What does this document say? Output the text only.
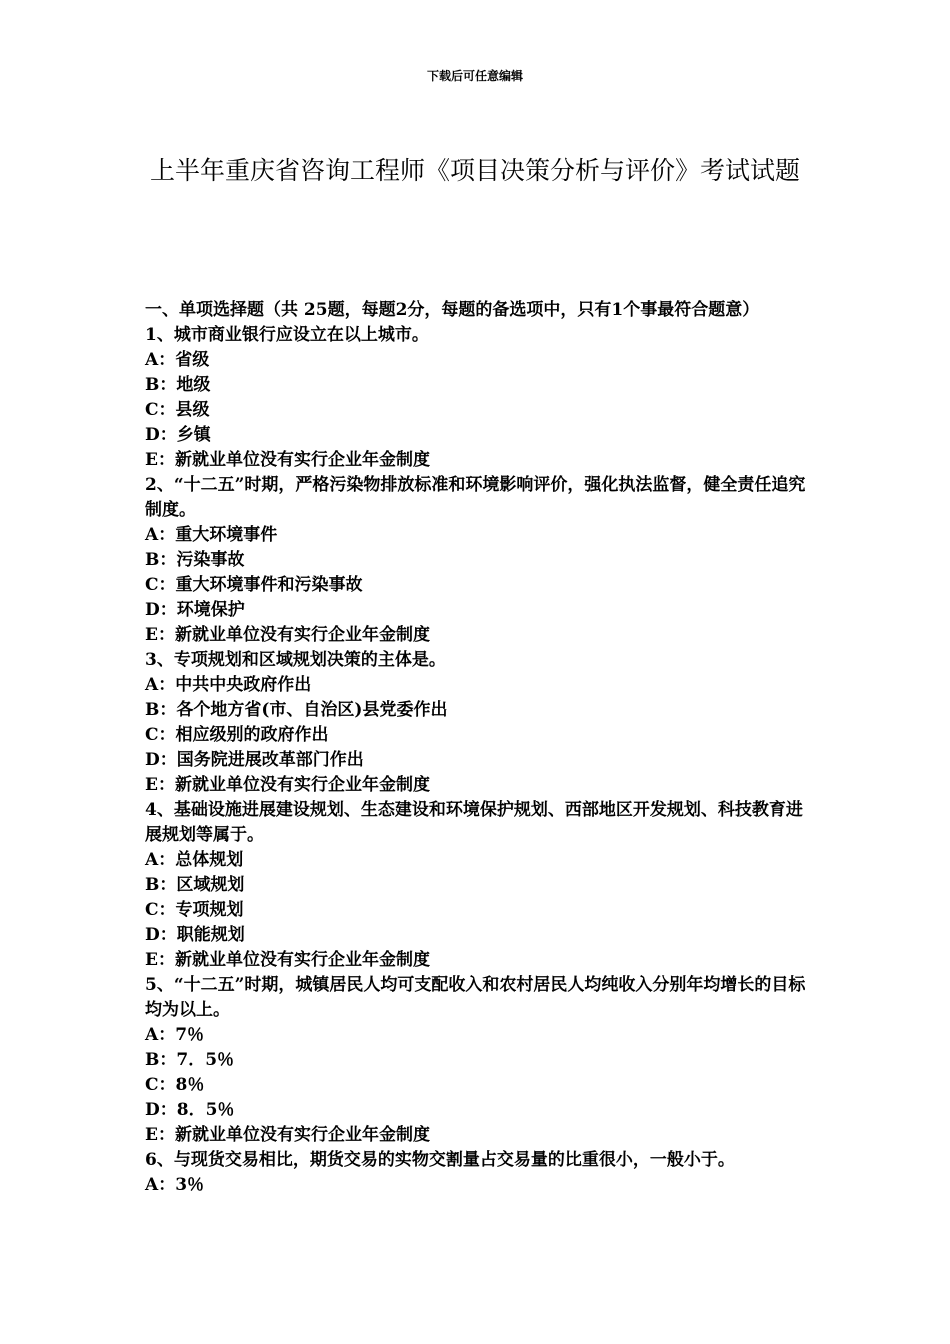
下载后可任意编辑
上半年重庆省咨询工程师《项目决策分析与评价》考试试题

一、单项选择题（共 25题，每题2分，每题的备选项中，只有1个事最符合题意）

1、城市商业银行应设立在以上城市。

A：省级

B：地级

C：县级

D：乡镇

E：新就业单位没有实行企业年金制度

2、“十二五”时期，严格污染物排放标准和环境影响评价，强化执法监督，健全责任追究制度。

A：重大环境事件

B：污染事故

C：重大环境事件和污染事故

D：环境保护

E：新就业单位没有实行企业年金制度

3、专项规划和区域规划决策的主体是。

A：中共中央政府作出

B：各个地方省(市、自治区)县党委作出

C：相应级别的政府作出

D：国务院进展改革部门作出

E：新就业单位没有实行企业年金制度

4、基础设施进展建设规划、生态建设和环境保护规划、西部地区开发规划、科技教育进展规划等属于。

A：总体规划

B：区域规划

C：专项规划

D：职能规划

E：新就业单位没有实行企业年金制度

5、“十二五”时期，城镇居民人均可支配收入和农村居民人均纯收入分别年均增长的目标均为以上。

A：7％

B：7．5％

C：8％

D：8．5％

E：新就业单位没有实行企业年金制度

6、与现货交易相比，期货交易的实物交割量占交易量的比重很小，一般小于。

A：3％
